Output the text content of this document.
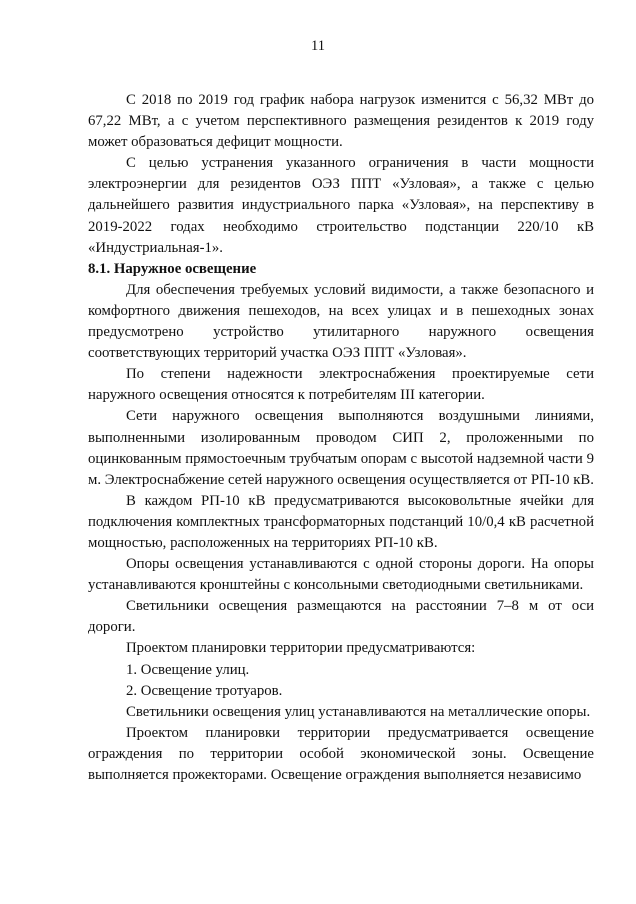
11

С 2018 по 2019 год график набора нагрузок изменится с 56,32 МВт до 67,22 МВт, а с учетом перспективного размещения резидентов к 2019 году может образоваться дефицит мощности.

С целью устранения указанного ограничения в части мощности электроэнергии для резидентов ОЭЗ ППТ «Узловая», а также с целью дальнейшего развития индустриального парка «Узловая», на перспективу в 2019-2022 годах необходимо строительство подстанции 220/10 кВ «Индустриальная-1».

8.1. Наружное освещение

Для обеспечения требуемых условий видимости, а также безопасного и комфортного движения пешеходов, на всех улицах и в пешеходных зонах предусмотрено устройство утилитарного наружного освещения соответствующих территорий участка ОЭЗ ППТ «Узловая».

По степени надежности электроснабжения проектируемые сети наружного освещения относятся к потребителям III категории.

Сети наружного освещения выполняются воздушными линиями, выполненными изолированным проводом СИП 2, проложенными по оцинкованным прямостоечным трубчатым опорам с высотой надземной части 9 м. Электроснабжение сетей наружного освещения осуществляется от РП-10 кВ.

В каждом РП-10 кВ предусматриваются высоковольтные ячейки для подключения комплектных трансформаторных подстанций 10/0,4 кВ расчетной мощностью, расположенных на территориях РП-10 кВ.

Опоры освещения устанавливаются с одной стороны дороги. На опоры устанавливаются кронштейны с консольными светодиодными светильниками.

Светильники освещения размещаются на расстоянии 7–8 м от оси дороги.

Проектом планировки территории предусматриваются:

1. Освещение улиц.

2. Освещение тротуаров.

Светильники освещения улиц устанавливаются на металлические опоры.

Проектом планировки территории предусматривается освещение ограждения по территории особой экономической зоны. Освещение выполняется прожекторами. Освещение ограждения выполняется независимо
